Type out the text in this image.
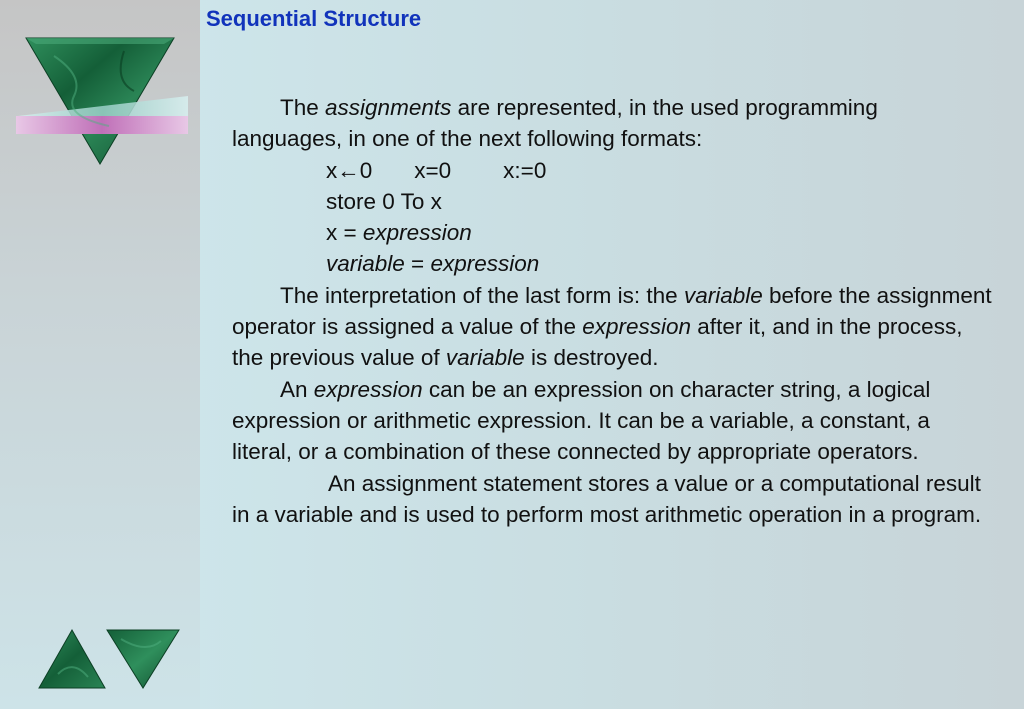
Sequential Structure

The assignments are represented, in the used programming languages, in one of the next following formats:

x←0 x=0 x:=0

store 0 To x

x = expression

variable = expression

The interpretation of the last form is: the variable before the assignment operator is assigned a value of the expression after it, and in the process, the previous value of variable is destroyed.

An expression can be an expression on character string, a logical expression or arithmetic expression. It can be a variable, a constant, a literal, or a combination of these connected by appropriate operators.

An assignment statement stores a value or a computational result in a variable and is used to perform most arithmetic operation in a program.
